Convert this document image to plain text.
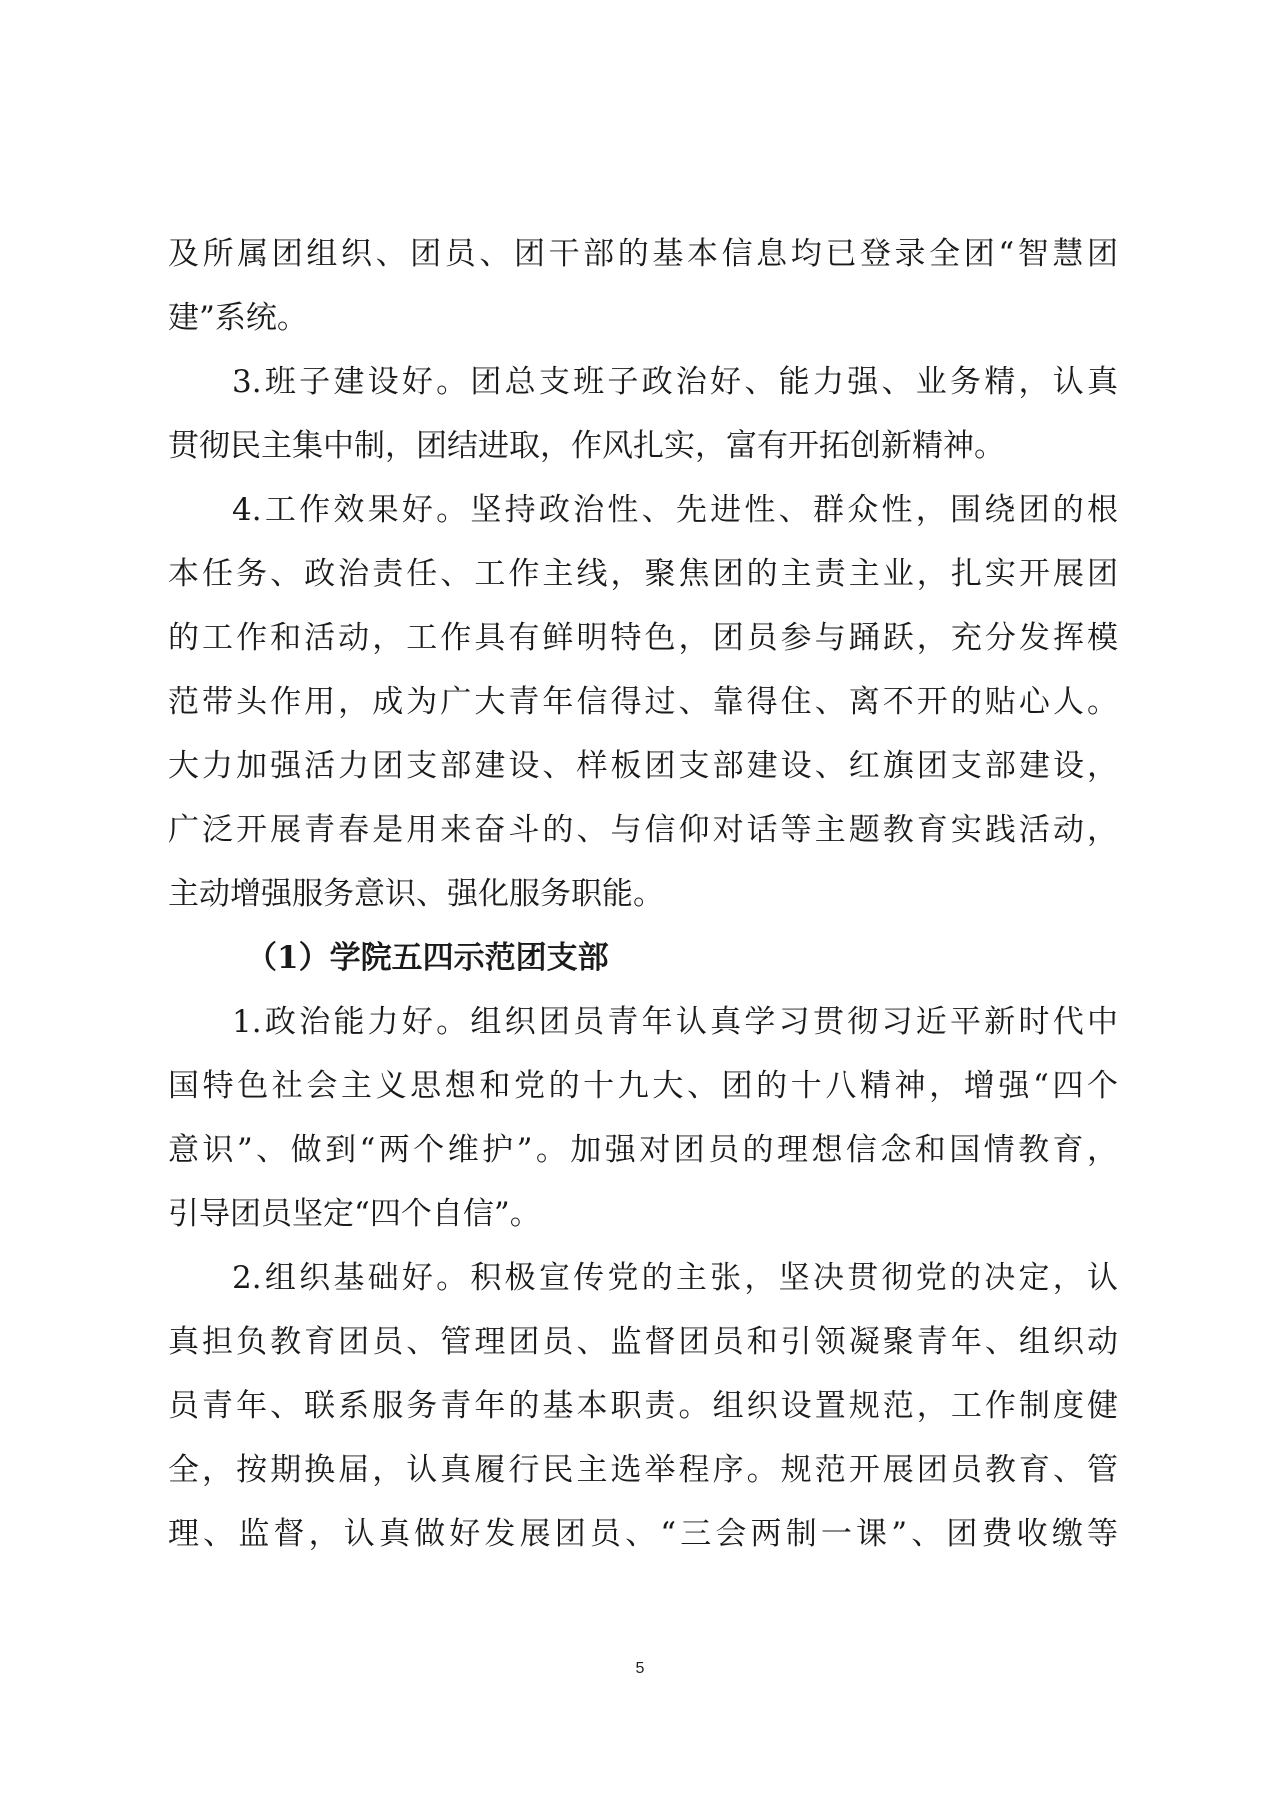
及所属团组织、团员、团干部的基本信息均已登录全团“智慧团
建”系统。
3.班子建设好。团总支班子政治好、能力强、业务精，认真
贯彻民主集中制，团结进取，作风扎实，富有开拓创新精神。
4.工作效果好。坚持政治性、先进性、群众性，围绕团的根
本任务、政治责任、工作主线，聚焦团的主责主业，扎实开展团
的工作和活动，工作具有鲜明特色，团员参与踊跃，充分发挥模
范带头作用，成为广大青年信得过、靠得住、离不开的贴心人。
大力加强活力团支部建设、样板团支部建设、红旗团支部建设，
广泛开展青春是用来奋斗的、与信仰对话等主题教育实践活动，
主动增强服务意识、强化服务职能。
（1）学院五四示范团支部
1.政治能力好。组织团员青年认真学习贯彻习近平新时代中
国特色社会主义思想和党的十九大、团的十八精神，增强“四个
意识”、做到“两个维护”。加强对团员的理想信念和国情教育，
引导团员坚定“四个自信”。
2.组织基础好。积极宣传党的主张，坚决贯彻党的决定，认
真担负教育团员、管理团员、监督团员和引领凝聚青年、组织动
员青年、联系服务青年的基本职责。组织设置规范，工作制度健
全，按期换届，认真履行民主选举程序。规范开展团员教育、管
理、监督，认真做好发展团员、“三会两制一课”、团费收缴等
5
